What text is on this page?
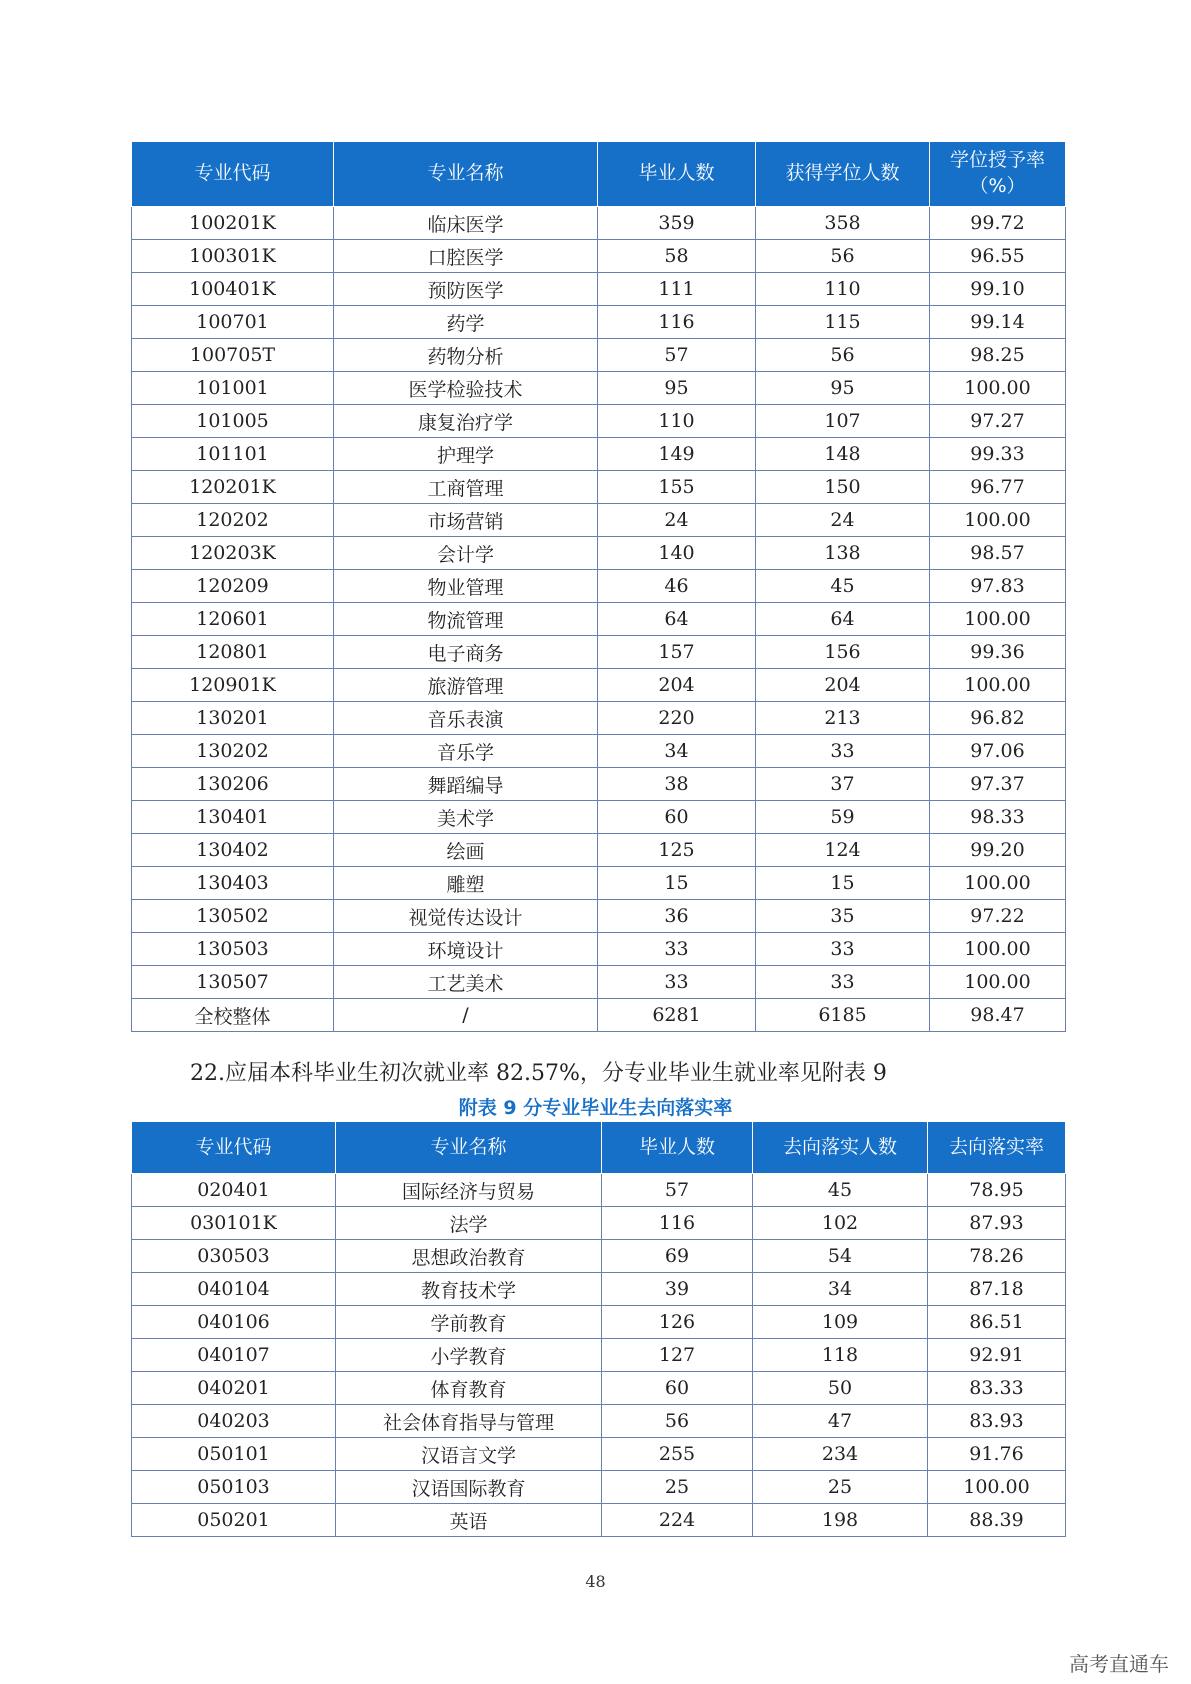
专业代码	专业名称	毕业人数	获得学位人数	学位授予率
（%）
100201K	临床医学	359	358	99.72
100301K	口腔医学	58	56	96.55
100401K	预防医学	111	110	99.10
100701	药学	116	115	99.14
100705T	药物分析	57	56	98.25
101001	医学检验技术	95	95	100.00
101005	康复治疗学	110	107	97.27
101101	护理学	149	148	99.33
120201K	工商管理	155	150	96.77
120202	市场营销	24	24	100.00
120203K	会计学	140	138	98.57
120209	物业管理	46	45	97.83
120601	物流管理	64	64	100.00
120801	电子商务	157	156	99.36
120901K	旅游管理	204	204	100.00
130201	音乐表演	220	213	96.82
130202	音乐学	34	33	97.06
130206	舞蹈编导	38	37	97.37
130401	美术学	60	59	98.33
130402	绘画	125	124	99.20
130403	雕塑	15	15	100.00
130502	视觉传达设计	36	35	97.22
130503	环境设计	33	33	100.00
130507	工艺美术	33	33	100.00
全校整体	/	6281	6185	98.47
22.应届本科毕业生初次就业率 82.57%，分专业毕业生就业率见附表 9
附表 9 分专业毕业生去向落实率
专业代码	专业名称	毕业人数	去向落实人数	去向落实率
020401	国际经济与贸易	57	45	78.95
030101K	法学	116	102	87.93
030503	思想政治教育	69	54	78.26
040104	教育技术学	39	34	87.18
040106	学前教育	126	109	86.51
040107	小学教育	127	118	92.91
040201	体育教育	60	50	83.33
040203	社会体育指导与管理	56	47	83.93
050101	汉语言文学	255	234	91.76
050103	汉语国际教育	25	25	100.00
050201	英语	224	198	88.39
48
高考直通车
